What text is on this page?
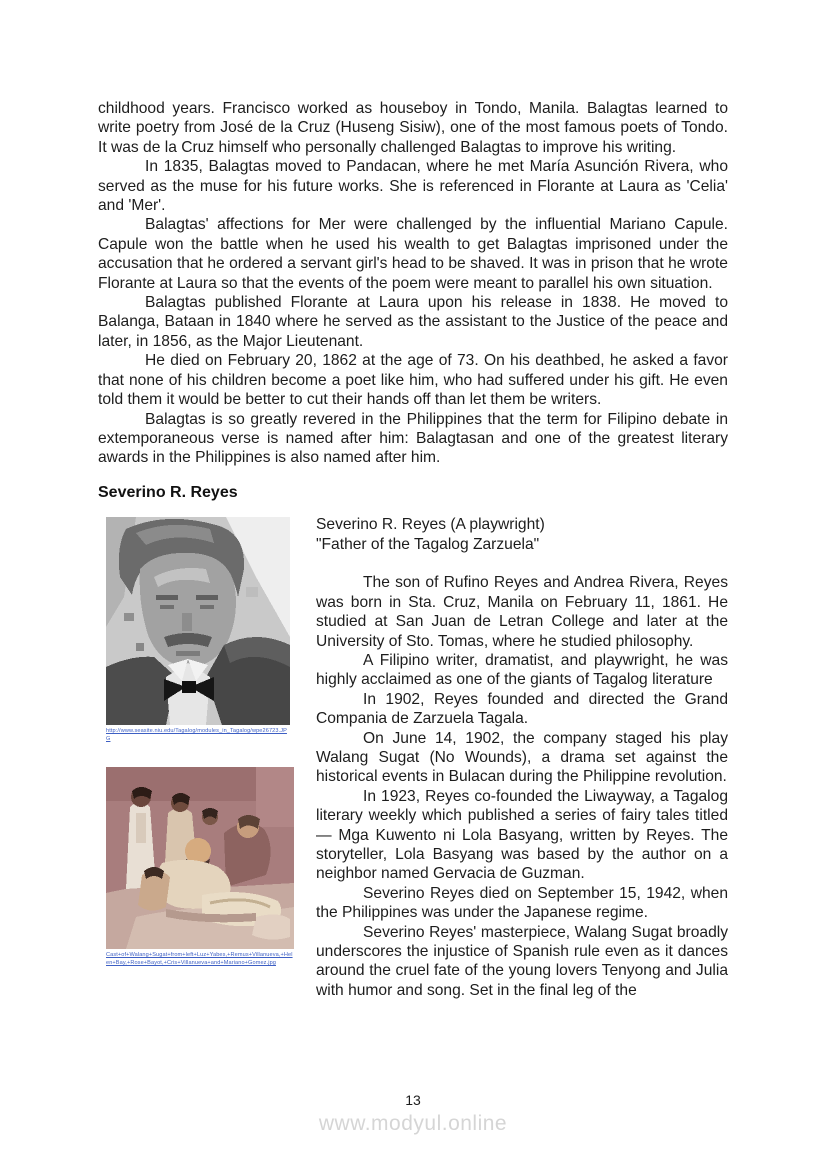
childhood years. Francisco worked as houseboy in Tondo, Manila. Balagtas learned to write poetry from José de la Cruz (Huseng Sisiw), one of the most famous poets of Tondo. It was de la Cruz himself who personally challenged Balagtas to improve his writing.

In 1835, Balagtas moved to Pandacan, where he met María Asunción Rivera, who served as the muse for his future works. She is referenced in Florante at Laura as 'Celia' and 'Mer'.

Balagtas' affections for Mer were challenged by the influential Mariano Capule. Capule won the battle when he used his wealth to get Balagtas imprisoned under the accusation that he ordered a servant girl's head to be shaved. It was in prison that he wrote Florante at Laura so that the events of the poem were meant to parallel his own situation.

Balagtas published Florante at Laura upon his release in 1838. He moved to Balanga, Bataan in 1840 where he served as the assistant to the Justice of the peace and later, in 1856, as the Major Lieutenant.

He died on February 20, 1862 at the age of 73. On his deathbed, he asked a favor that none of his children become a poet like him, who had suffered under his gift. He even told them it would be better to cut their hands off than let them be writers.

Balagtas is so greatly revered in the Philippines that the term for Filipino debate in extemporaneous verse is named after him: Balagtasan and one of the greatest literary awards in the Philippines is also named after him.

Severino R. Reyes
http://www.seasite.niu.edu/Tagalog/modules_in_Tagalog/wpe26723.JPG
Cast+of+Walang+Sugat+from+left+Luz+Yabes,+Remus+Villanueva,+Helen+Bay,+Rose+Bayot,+Cris+Villanueva+and+Mariano+Gomez.jpg
Severino R. Reyes (A playwright)
"Father of the Tagalog Zarzuela"

The son of Rufino Reyes and Andrea Rivera, Reyes was born in Sta. Cruz, Manila on February 11, 1861. He studied at San Juan de Letran College and later at the University of Sto. Tomas, where he studied philosophy.

A Filipino writer, dramatist, and playwright, he was highly acclaimed as one of the giants of Tagalog literature

In 1902, Reyes founded and directed the Grand Compania de Zarzuela Tagala.

On June 14, 1902, the company staged his play Walang Sugat (No Wounds), a drama set against the historical events in Bulacan during the Philippine revolution.

In 1923, Reyes co-founded the Liwayway, a Tagalog literary weekly which published a series of fairy tales titled — Mga Kuwento ni Lola Basyang, written by Reyes. The storyteller, Lola Basyang was based by the author on a neighbor named Gervacia de Guzman.

Severino Reyes died on September 15, 1942, when the Philippines was under the Japanese regime.

Severino Reyes' masterpiece, Walang Sugat broadly underscores the injustice of Spanish rule even as it dances around the cruel fate of the young lovers Tenyong and Julia with humor and song. Set in the final leg of the

13
www.modyul.online
